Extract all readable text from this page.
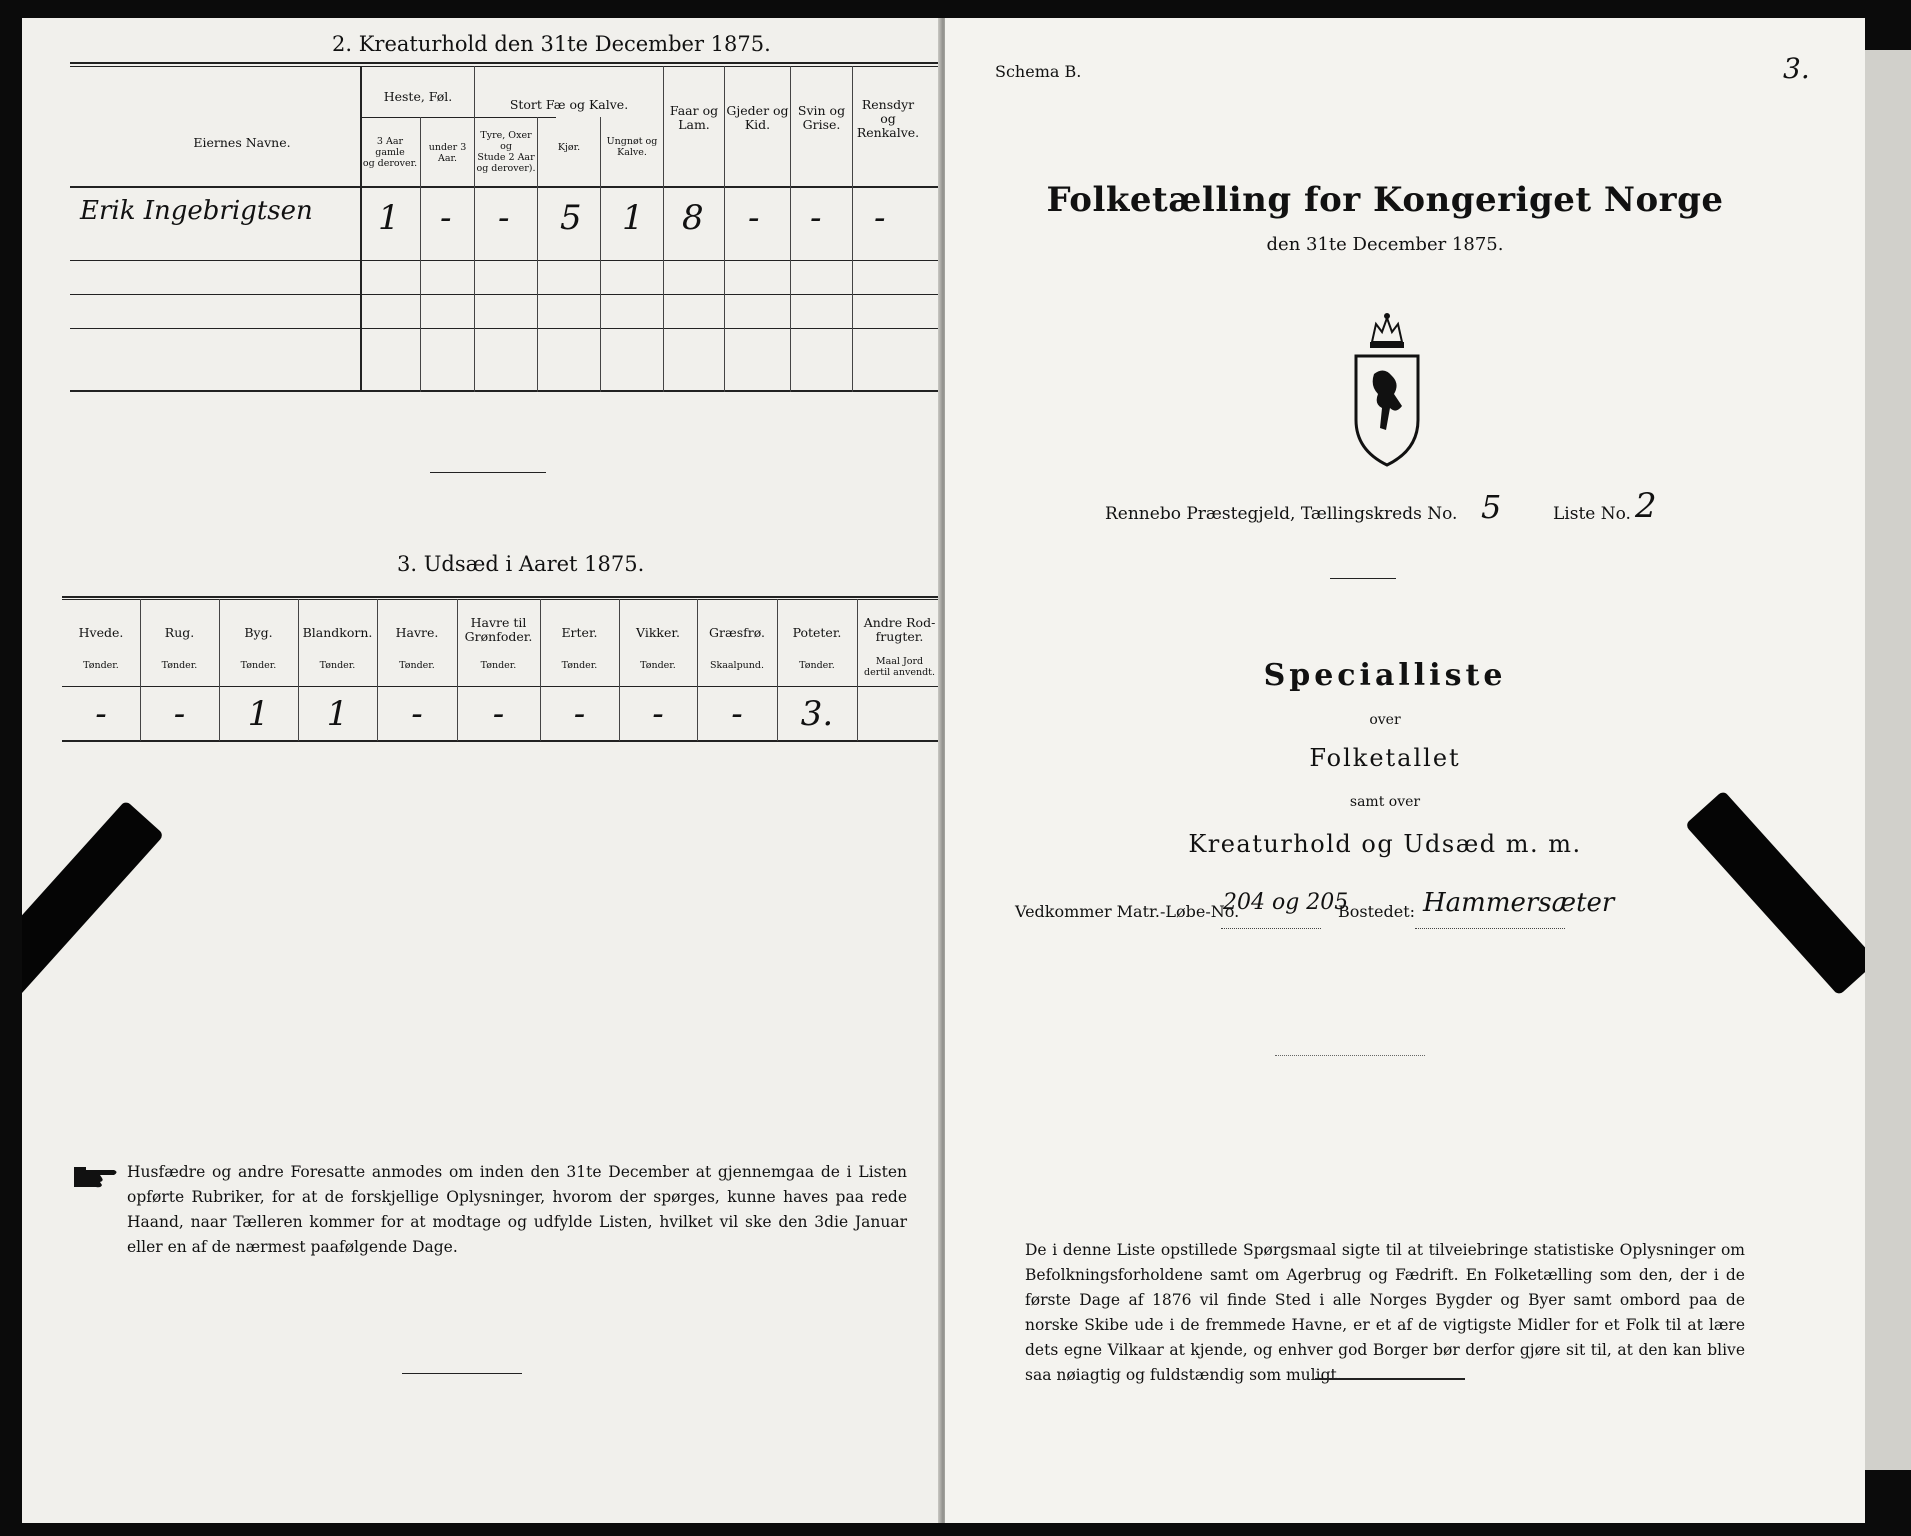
2. Kreaturhold den 31te December 1875.
Eiernes Navne.
Heste, Føl.
Stort Fæ og Kalve.
3 Aar gamle
og derover.
under 3 Aar.
Tyre, Oxer og
Stude 2 Aar
og derover).
Kjør.
Ungnøt og
Kalve.
Faar og
Lam.
Gjeder og
Kid.
Svin og
Grise.
Rensdyr
og
Renkalve.
Erik Ingebrigtsen 1 - - 5 1 8 - - -
3. Udsæd i Aaret 1875.
Husfædre og andre Foresatte anmodes om inden den 31te December at gjennemgaa de i Listen opførte Rubriker, for at de forskjellige Oplysninger, hvorom der spørges, kunne haves paa rede Haand, naar Tælleren kommer for at modtage og udfylde Listen, hvilket vil ske den 3die Januar eller en af de nærmest paafølgende Dage.
Hvede.
Tønder.
-
Rug.
Tønder.
-
Byg.
Tønder.
1
Blandkorn.
Tønder.
1
Havre.
Tønder.
-
Havre til
Grønfoder.
Tønder.
-
Erter.
Tønder.
-
Vikker.
Tønder.
-
Græsfrø.
Skaalpund.
-
Poteter.
Tønder.
3.
Andre Rod-
frugter.
Maal Jord
dertil anvendt.
Schema B.	3.
Folketælling for Kongeriget Norge
den 31te December 1875.
Rennebo Præstegjeld, Tællingskreds No. 5	Liste No. 2
Specialliste
over
Folketallet
samt over
Kreaturhold og Udsæd m. m.
Vedkommer Matr.-Løbe-No.
204 og 205
Bostedet: Hammersæter
De i denne Liste opstillede Spørgsmaal sigte til at tilveiebringe statistiske Oplysninger om Befolkningsforholdene samt om Agerbrug og Fædrift. En Folketælling som den, der i de første Dage af 1876 vil finde Sted i alle Norges Bygder og Byer samt ombord paa de norske Skibe ude i de fremmede Havne, er et af de vigtigste Midler for et Folk til at lære dets egne Vilkaar at kjende, og enhver god Borger bør derfor gjøre sit til, at den kan blive saa nøiagtig og fuldstændig som muligt.
